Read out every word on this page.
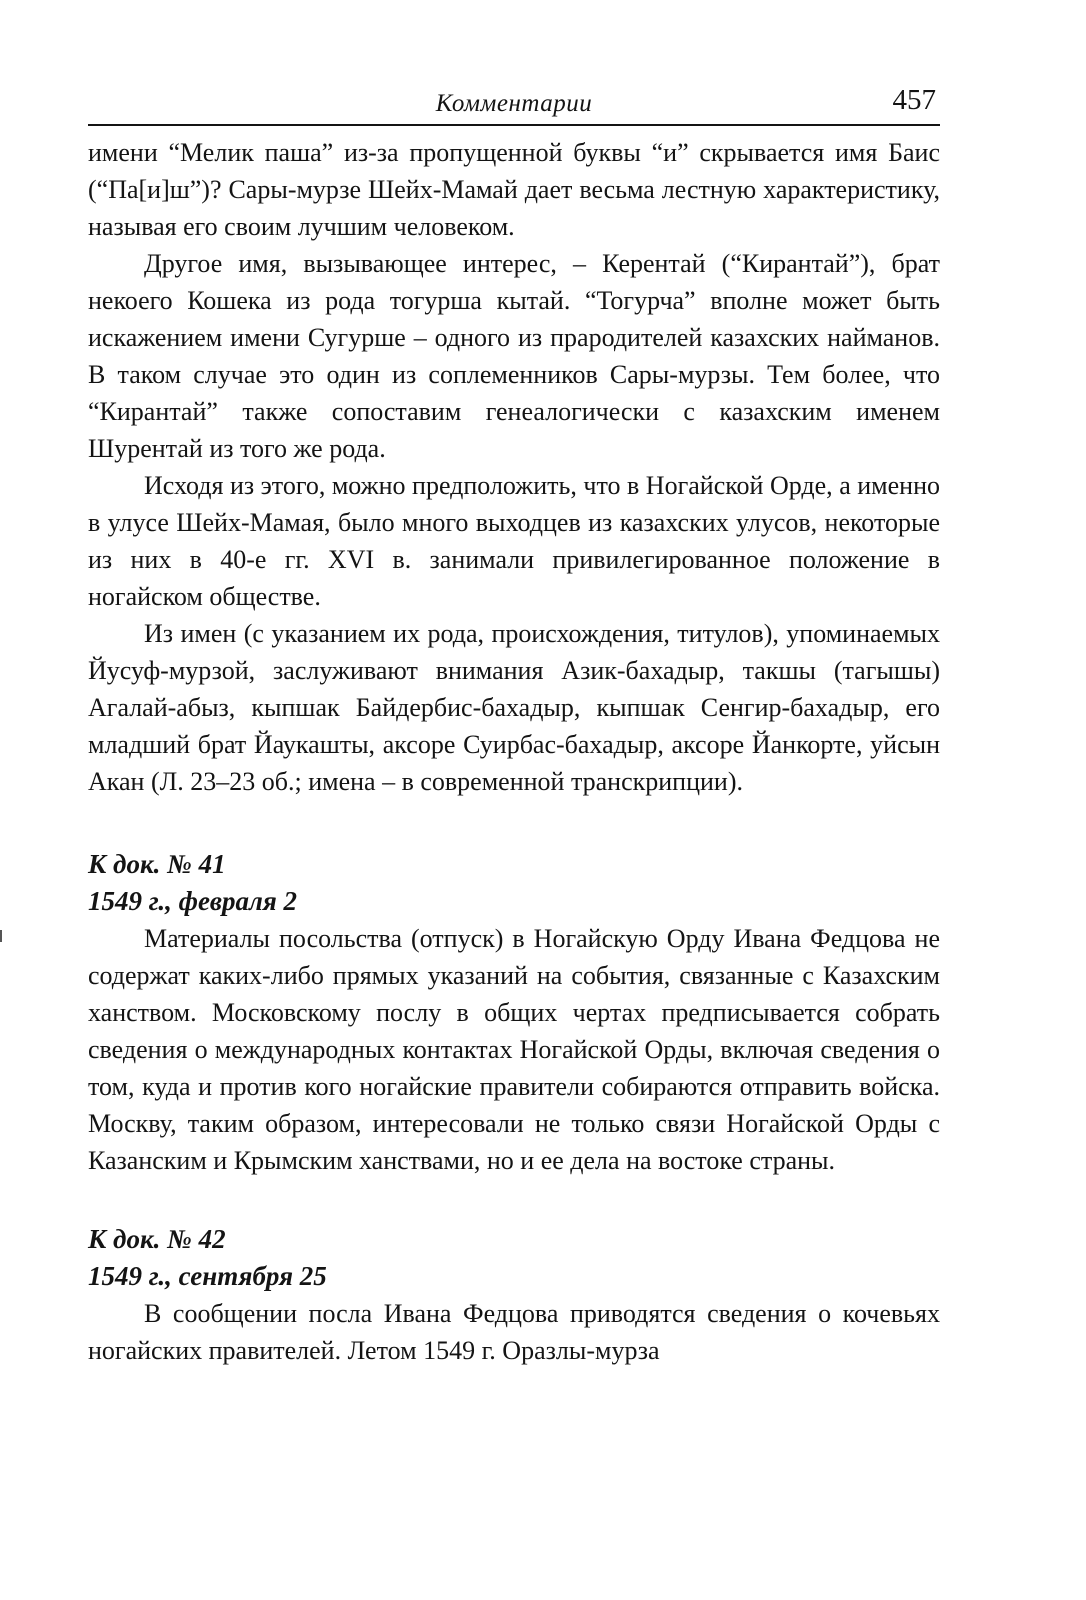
Комментарии	457

имени “Мелик паша” из-за пропущенной буквы “и” скрывается имя Баис (“Па[и]ш”)? Сары-мурзе Шейх-Мамай дает весьма лестную характеристику, называя его своим лучшим человеком.

Другое имя, вызывающее интерес, – Керентай (“Кирантай”), брат некоего Кошека из рода тогурша кытай. “Тогурча” вполне может быть искажением имени Сугурше – одного из прародителей казахских найманов. В таком случае это один из соплеменников Сары-мурзы. Тем более, что “Кирантай” также сопоставим генеалогически с казахским именем Шурентай из того же рода.

Исходя из этого, можно предположить, что в Ногайской Орде, а именно в улусе Шейх-Мамая, было много выходцев из казахских улусов, некоторые из них в 40-е гг. XVI в. занимали привилегированное положение в ногайском обществе.

Из имен (с указанием их рода, происхождения, титулов), упоминаемых Йусуф-мурзой, заслуживают внимания Азик-бахадыр, такшы (тагышы) Агалай-абыз, кыпшак Байдербис-бахадыр, кыпшак Сенгир-бахадыр, его младший брат Йаукашты, аксоре Суирбас-бахадыр, аксоре Йанкорте, уйсын Акан (Л. 23–23 об.; имена – в современной транскрипции).

К док. № 41
1549 г., февраля 2

Материалы посольства (отпуск) в Ногайскую Орду Ивана Федцова не содержат каких-либо прямых указаний на события, связанные с Казахским ханством. Московскому послу в общих чертах предписывается собрать сведения о международных контактах Ногайской Орды, включая сведения о том, куда и против кого ногайские правители собираются отправить войска. Москву, таким образом, интересовали не только связи Ногайской Орды с Казанским и Крымским ханствами, но и ее дела на востоке страны.

К док. № 42
1549 г., сентября 25

В сообщении посла Ивана Федцова приводятся сведения о кочевьях ногайских правителей. Летом 1549 г. Оразлы-мурза
